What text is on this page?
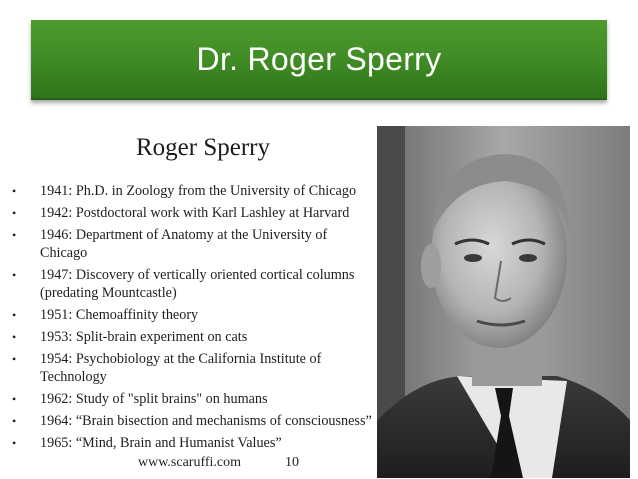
Dr. Roger Sperry
Roger Sperry
• 1941: Ph.D. in Zoology from the University of Chicago
• 1942: Postdoctoral work with Karl Lashley at Harvard
• 1946: Department of Anatomy at the University of Chicago
• 1947: Discovery of vertically oriented cortical columns (predating Mountcastle)
• 1951: Chemoaffinity theory
• 1953: Split-brain experiment on cats
• 1954: Psychobiology at the California Institute of Technology
• 1962: Study of "split brains" on humans
• 1964: “Brain bisection and mechanisms of consciousness”
• 1965: “Mind, Brain and Humanist Values”
www.scaruffi.com	10
